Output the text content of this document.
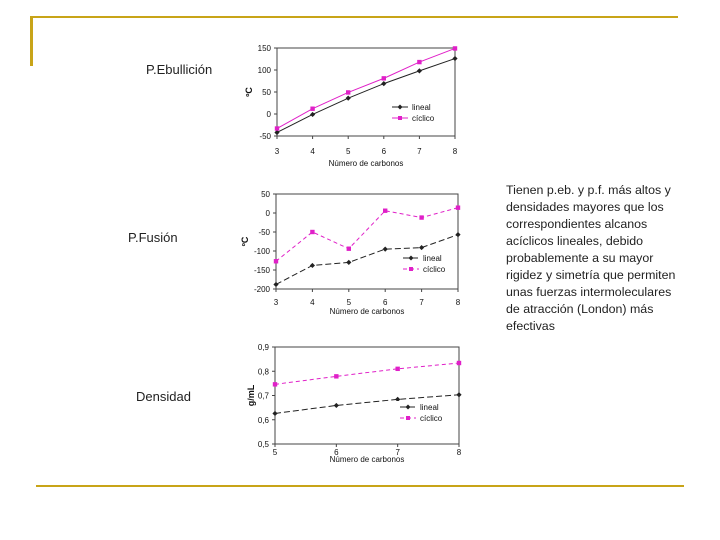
P.Ebullición
P.Fusión
Densidad
Tienen p.eb. y p.f. más altos y densidades mayores que los correspondientes alcanos acíclicos lineales, debido probablemente a su mayor rigidez y simetría que permiten unas fuerzas intermoleculares de atracción (London) más efectivas
-50
0
50
100
150
3	4	5	6	7	8
Número de carbonos
ºC
lineal
cíclico
50
0
-50
-100
-150
-200
3	4	5	6	7	8
Número de carbonos
ºC
lineal
cíclico
0,9
0,8
0,7
0,6
0,5
5	6	7	8
Número de carbonos
g/mL
lineal
cíclico
